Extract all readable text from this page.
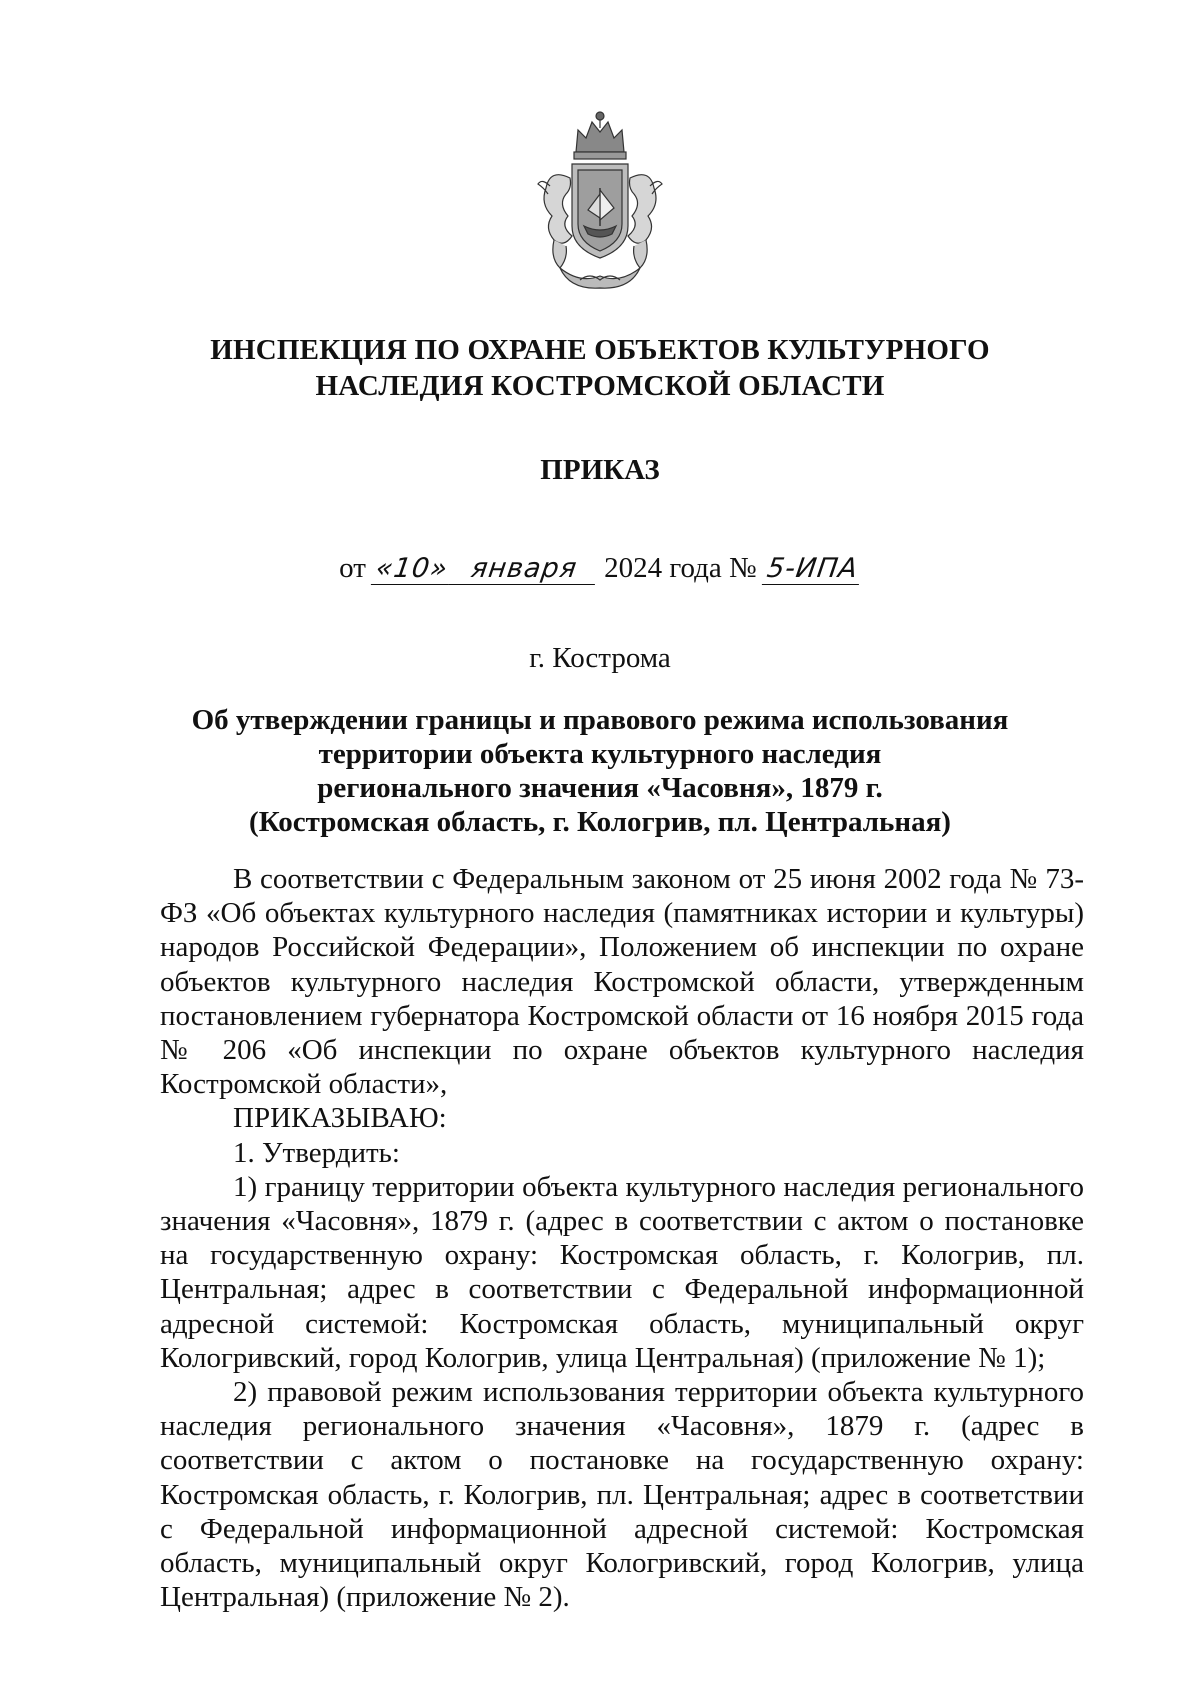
ИНСПЕКЦИЯ ПО ОХРАНЕ ОБЪЕКТОВ КУЛЬТУРНОГО
НАСЛЕДИЯ КОСТРОМСКОЙ ОБЛАСТИ
ПРИКАЗ
от «10» января 2024 года № 5-ИПА
г. Кострома
Об утверждении границы и правового режима использования
территории объекта культурного наследия
регионального значения «Часовня», 1879 г.
(Костромская область, г. Кологрив, пл. Центральная)

В соответствии с Федеральным законом от 25 июня 2002 года № 73-ФЗ «Об объектах культурного наследия (памятниках истории и культуры) народов Российской Федерации», Положением об инспекции по охране объектов культурного наследия Костромской области, утвержденным постановлением губернатора Костромской области от 16 ноября 2015 года № 206 «Об инспекции по охране объектов культурного наследия Костромской области»,

ПРИКАЗЫВАЮ:

1. Утвердить:

1) границу территории объекта культурного наследия регионального значения «Часовня», 1879 г. (адрес в соответствии с актом о постановке на государственную охрану: Костромская область, г. Кологрив, пл. Центральная; адрес в соответствии с Федеральной информационной адресной системой: Костромская область, муниципальный округ Кологривский, город Кологрив, улица Центральная) (приложение № 1);

2) правовой режим использования территории объекта культурного наследия регионального значения «Часовня», 1879 г. (адрес в соответствии с актом о постановке на государственную охрану: Костромская область, г. Кологрив, пл. Центральная; адрес в соответствии с Федеральной информационной адресной системой: Костромская область, муниципальный округ Кологривский, город Кологрив, улица Центральная) (приложение № 2).
